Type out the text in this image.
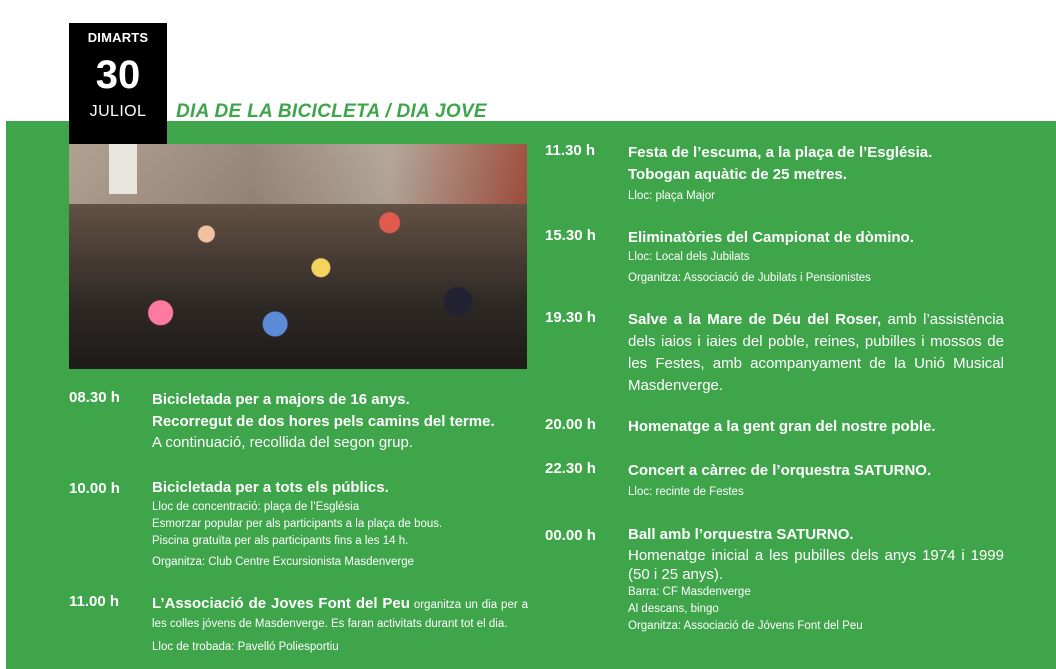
DIMARTS
30
JULIOL	DIA DE LA BICICLETA / DIA JOVE
08.30 h Bicicletada per a majors de 16 anys.
Recorregut de dos hores pels camins del terme.
A continuació, recollida del segon grup.
10.00 h Bicicletada per a tots els públics.
Lloc de concentració: plaça de l’Església
Esmorzar popular per als participants a la plaça de bous.
Piscina gratuïta per als participants fins a les 14 h.
Organitza: Club Centre Excursionista Masdenverge
11.00 h L’Associació de Joves Font del Peu organitza un dia per a les colles jóvens de Masdenverge. Es faran activitats durant tot el dia.
Lloc de trobada: Pavelló Poliesportiu
11.30 h Festa de l’escuma, a la plaça de l’Església.
Tobogan aquàtic de 25 metres.
Lloc: plaça Major
15.30 h Eliminatòries del Campionat de dòmino.
Lloc: Local dels Jubilats
Organitza: Associació de Jubilats i Pensionistes
19.30 h Salve a la Mare de Déu del Roser, amb l’assistència dels iaios i iaies del poble, reines, pubilles i mossos de les Festes, amb acompanyament de la Unió Musical Masdenverge.
20.00 h Homenatge a la gent gran del nostre poble.
22.30 h Concert a càrrec de l’orquestra SATURNO.
Lloc: recinte de Festes
00.00 h Ball amb l’orquestra SATURNO.
Homenatge inicial a les pubilles dels anys 1974 i 1999 (50 i 25 anys).
Barra: CF Masdenverge
Al descans, bingo
Organitza: Associació de Jóvens Font del Peu
